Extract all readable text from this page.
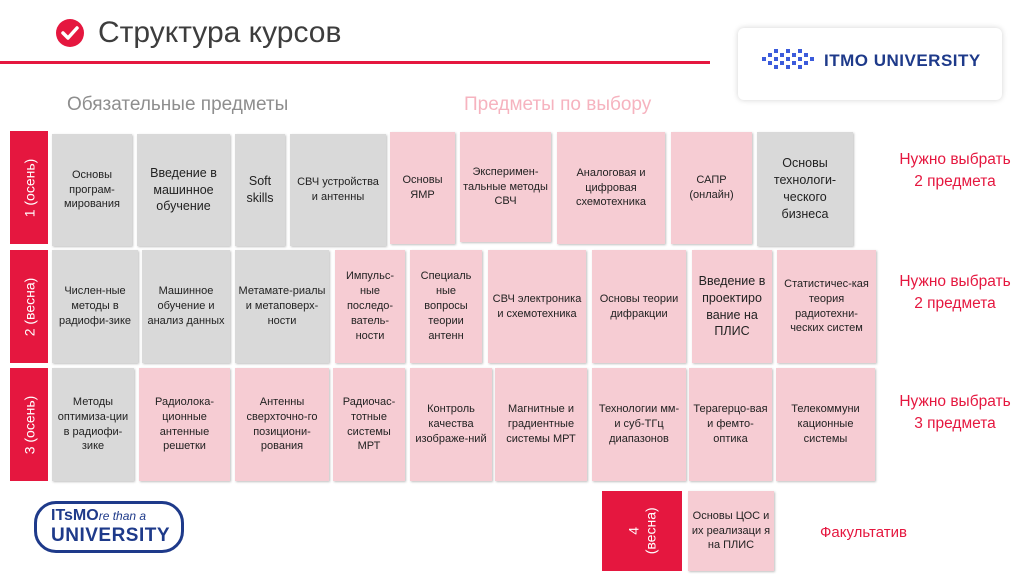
Структура курсов
ITMO UNIVERSITY
Обязательные предметы	Предметы по выбору
1 (осень)	Основы програм-мирования
Введение в машинное обучение
Soft skills
СВЧ устройства и антенны
Основы ЯМР
Эксперимен-тальные методы СВЧ
Аналоговая и цифровая схемотехника
САПР (онлайн)
Основы технологи-ческого бизнеса
Нужно выбрать 2 предмета
2 (весна)	Числен-ные методы в радиофи-зике
Машинное обучение и анализ данных
Метамате-риалы и метаповерх-ности
Импульс-ные последо-ватель-ности
Специаль ные вопросы теории антенн
СВЧ электроника и схемотехника
Основы теории дифракции
Введение в проектиро вание на ПЛИС
Статистичес-кая теория радиотехни-ческих систем
Нужно выбрать 2 предмета
3 (осень)	Методы оптимиза-ции в радиофи-зике
Радиолока-ционные антенные решетки
Антенны сверхточно-го позициони-рования
Радиочас-тотные системы МРТ
Контроль качества изображе-ний
Магнитные и градиентные системы МРТ
Технологии мм- и суб-ТГц диапазонов
Терагерцо-вая и фемто-оптика
Телекоммуни кационные системы
Нужно выбрать 3 предмета
4 (весна)	Основы ЦОС и их реализаци я на ПЛИС
Факультатив
ITsMOre than a
UNIVERSITY
